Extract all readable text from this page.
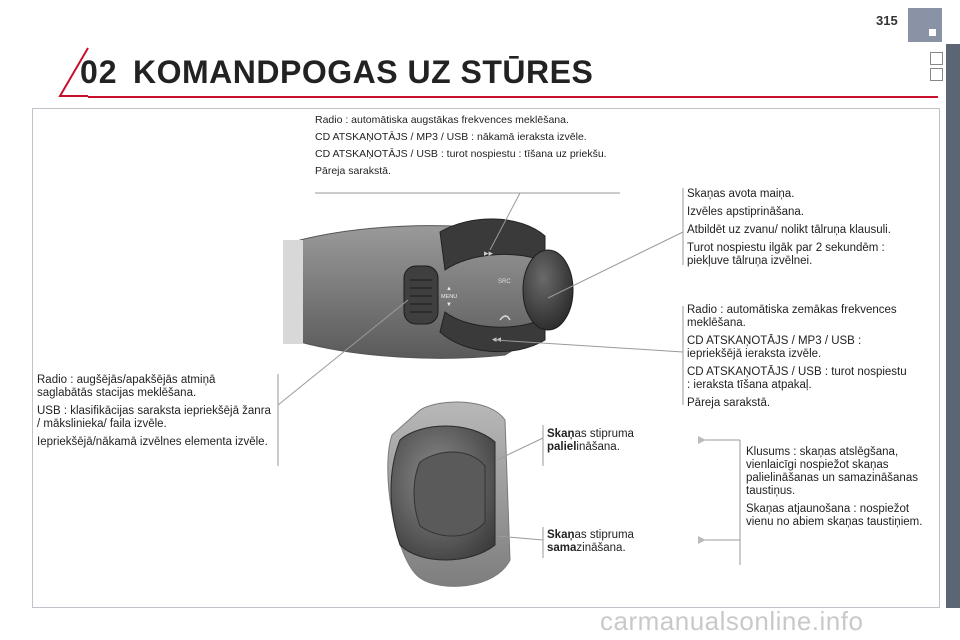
315
02 KOMANDPOGAS UZ STŪRES
▸▸
◂◂
SRC
MENU
▲
▼

Radio : automātiska augstākas frekvences meklēšana.

CD ATSKAŅOTĀJS / MP3 / USB : nākamā ieraksta izvēle.

CD ATSKAŅOTĀJS / USB : turot nospiestu : tīšana uz priekšu.

Pāreja sarakstā.

Skaņas avota maiņa.

Izvēles apstiprināšana.

Atbildēt uz zvanu/ nolikt tālruņa klausuli.

Turot nospiestu ilgāk par 2 sekundēm : piekļuve tālruņa izvēlnei.

Radio : automātiska zemākas frekvences meklēšana.

CD ATSKAŅOTĀJS / MP3 / USB : iepriekšējā ieraksta izvēle.

CD ATSKAŅOTĀJS / USB : turot nospiestu : ieraksta tīšana atpakaļ.

Pāreja sarakstā.

Radio : augšējās/apakšējās atmiņā saglabātās stacijas meklēšana.

USB : klasifikācijas saraksta iepriekšējā žanra / mākslinieka/ faila izvēle.

Iepriekšējā/nākamā izvēlnes elementa izvēle.

Skaņas stipruma
palielināšana.
Skaņas stipruma
samazināšana.

Klusums : skaņas atslēgšana, vienlaicīgi nospiežot skaņas palielināšanas un samazināšanas taustiņus.

Skaņas atjaunošana : nospiežot vienu no abiem skaņas taustiņiem.

carmanualsonline.info
